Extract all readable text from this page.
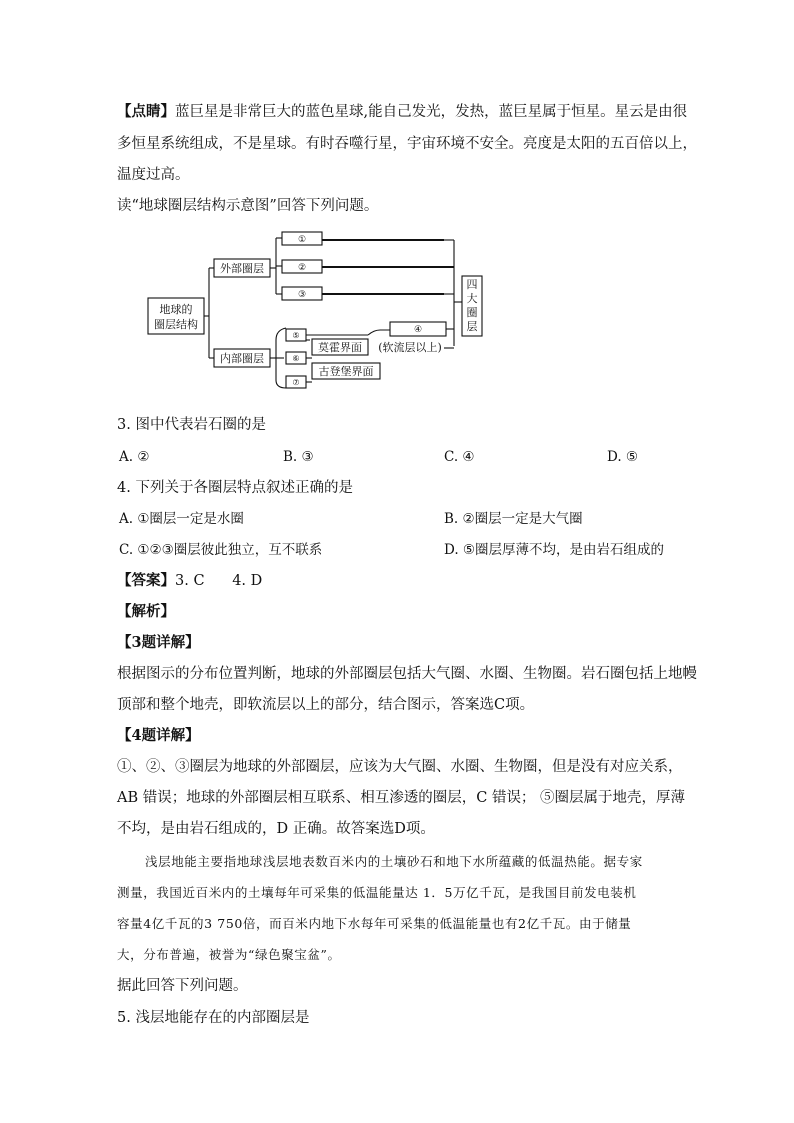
【点睛】蓝巨星是非常巨大的蓝色星球,能自己发光，发热，蓝巨星属于恒星。星云是由很
多恒星系统组成，不是星球。有时吞噬行星，宇宙环境不安全。亮度是太阳的五百倍以上，
温度过高。
读“地球圈层结构示意图”回答下列问题。
地球的
圈层结构
外部圈层
①
②
③
四
大
圈
层
内部圈层
⑤
⑥
⑦
莫霍界面
古登堡界面
(软流层以上)
④
3. 图中代表岩石圈的是
A. ②	B. ③	C. ④	D. ⑤
4. 下列关于各圈层特点叙述正确的是
A. ①圈层一定是水圈	B. ②圈层一定是大气圈
C. ①②③圈层彼此独立，互不联系	D. ⑤圈层厚薄不均，是由岩石组成的
【答案】3. C      4. D
【解析】
【3题详解】
根据图示的分布位置判断，地球的外部圈层包括大气圈、水圈、生物圈。岩石圈包括上地幔
顶部和整个地壳，即软流层以上的部分，结合图示，答案选C项。
【4题详解】
①、②、③圈层为地球的外部圈层，应该为大气圈、水圈、生物圈，但是没有对应关系，
AB 错误；地球的外部圈层相互联系、相互渗透的圈层，C 错误； ⑤圈层属于地壳，厚薄
不均，是由岩石组成的，D 正确。故答案选D项。
浅层地能主要指地球浅层地表数百米内的土壤砂石和地下水所蕴藏的低温热能。据专家
测量，我国近百米内的土壤每年可采集的低温能量达 1．5万亿千瓦，是我国目前发电装机
容量4亿千瓦的3 750倍，而百米内地下水每年可采集的低温能量也有2亿千瓦。由于储量
大，分布普遍，被誉为“绿色聚宝盆”。
据此回答下列问题。
5. 浅层地能存在的内部圈层是
